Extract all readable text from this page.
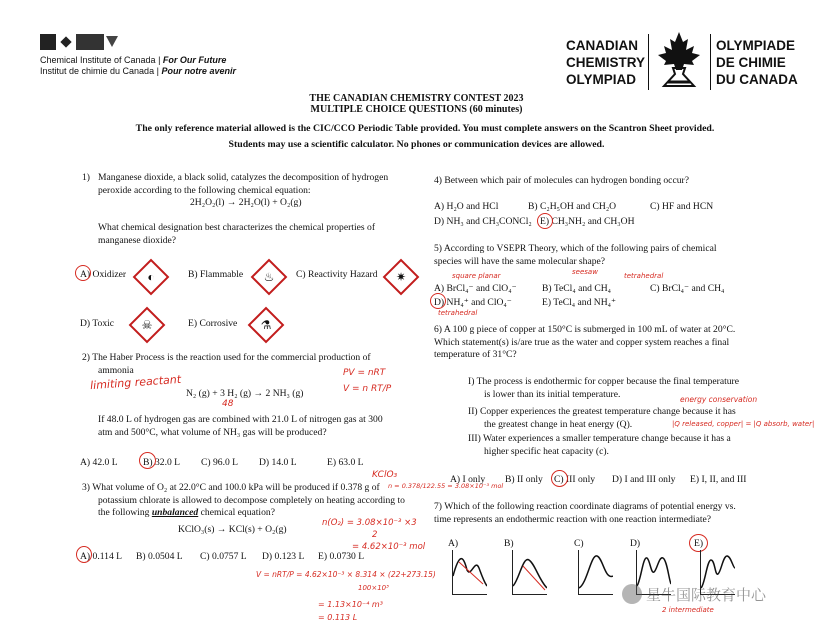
Chemical Institute of Canada | For Our Future
Institut de chimie du Canada | Pour notre avenir
CANADIAN
CHEMISTRY
OLYMPIAD
OLYMPIADE
DE CHIMIE
DU CANADA
THE CANADIAN CHEMISTRY CONTEST 2023
MULTIPLE CHOICE QUESTIONS (60 minutes)
The only reference material allowed is the CIC/CCO Periodic Table provided. You must complete answers on the Scantron Sheet provided.
Students may use a scientific calculator. No phones or communication devices are allowed.
1) Manganese dioxide, a black solid, catalyzes the decomposition of hydrogen
peroxide according to the following chemical equation:
2H₂O₂(l) → 2H₂O(l) + O₂(g)
What chemical designation best characterizes the chemical properties of
manganese dioxide?
A) Oxidizer	◐	B) Flammable	♨	C) Reactivity Hazard	✷
D) Toxic	☠	E) Corrosive	⚗
2) The Haber Process is the reaction used for the commercial production of
ammonia
limiting reactant	PV = nRT
V = n RT/P
N₂ (g) + 3 H₂ (g) → 2 NH₃ (g)
48
If 48.0 L of hydrogen gas are combined with 21.0 L of nitrogen gas at 300
atm and 500°C, what volume of NH₃ gas will be produced?
A) 42.0 L	B) 32.0 L C) 96.0 L D) 14.0 L	E) 63.0 L
KClO₃
n = 0.378/122.55 = 3.08×10⁻³ mol
3) What volume of O₂ at 22.0°C and 100.0 kPa will be produced if 0.378 g of
potassium chlorate is allowed to decompose completely on heating according to
the following unbalanced chemical equation?
KClO₃(s) → KCl(s) + O₂(g)
n(O₂) = 3.08×10⁻³ ×3
2
= 4.62×10⁻³ mol
A) 0.114 L B) 0.0504 L C) 0.0757 L D) 0.123 L E) 0.0730 L
V = nRT/P = 4.62×10⁻³ × 8.314 × (22+273.15)
100×10³
= 1.13×10⁻⁴ m³
= 0.113 L
4) Between which pair of molecules can hydrogen bonding occur?
A) H₂O and HCl	B) C₂H₅OH and CH₂O	C) HF and HCN
D) NH₃ and CH₃CONCl₂ E) CH₃NH₂ and CH₃OH
5) According to VSEPR Theory, which of the following pairs of chemical
species will have the same molecular shape?
square planar	seesaw	tetrahedral
A) BrCl₄⁻ and ClO₄⁻	B) TeCl₄ and CH₄	C) BrCl₄⁻ and CH₄
D) NH₄⁺ and ClO₄⁻	E) TeCl₄ and NH₄⁺
tetrahedral
6) A 100 g piece of copper at 150°C is submerged in 100 mL of water at 20°C.
Which statement(s) is/are true as the water and copper system reaches a final
temperature of 31°C?
I) The process is endothermic for copper because the final temperature
is lower than its initial temperature.	energy conservation
II) Copper experiences the greatest temperature change because it has
the greatest change in heat energy (Q).	|Q released, copper| = |Q absorb, water|
III) Water experiences a smaller temperature change because it has a
higher specific heat capacity (c).
A) I only B) II only C) III only D) I and III only E) I, II, and III
7) Which of the following reaction coordinate diagrams of potential energy vs.
time represents an endothermic reaction with one reaction intermediate?
A)	B)	C)	D)	E)
2 intermediate
星牛国际教育中心
